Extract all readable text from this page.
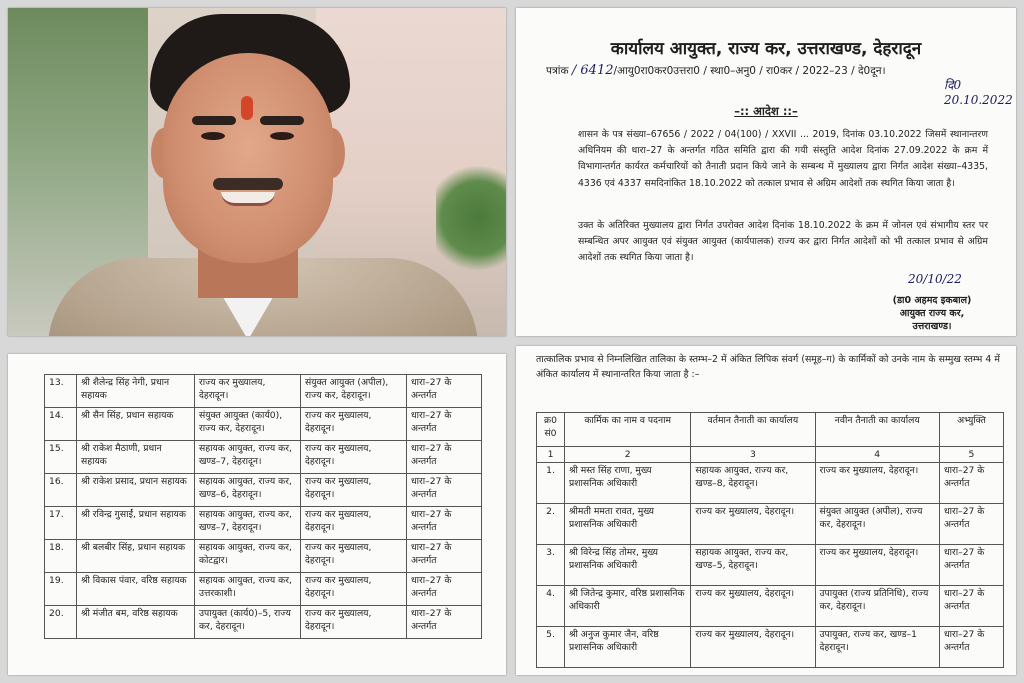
कार्यालय आयुक्त, राज्य कर, उत्तराखण्ड, देहरादून
पत्रांक / 6412/आयु0रा0कर0उत्तरा0 / स्था0–अनु0 / रा0कर / 2022–23 / दे0दून।
दि0 20.10.2022
–:: आदेश ::–
शासन के पत्र संख्या–67656 / 2022 / 04(100) / XXVII ... 2019, दिनांक 03.10.2022 जिसमें स्थानान्तरण अधिनियम की धारा–27 के अन्तर्गत गठित समिति द्वारा की गयी संस्तुति आदेश दिनांक 27.09.2022 के क्रम में विभागान्तर्गत कार्यरत कर्मचारियों को तैनाती प्रदान किये जाने के सम्बन्ध में मुख्यालय द्वारा निर्गत आदेश संख्या–4335, 4336 एवं 4337 समदिनांकित 18.10.2022 को तत्काल प्रभाव से अग्रिम आदेशों तक स्थगित किया जाता है।
उक्त के अतिरिक्त मुख्यालय द्वारा निर्गत उपरोक्त आदेश दिनांक 18.10.2022 के क्रम में जोनल एवं संभागीय स्तर पर सम्बन्धित अपर आयुक्त एवं संयुक्त आयुक्त (कार्यपालक) राज्य कर द्वारा निर्गत आदेशों को भी तत्काल प्रभाव से अग्रिम आदेशों तक स्थगित किया जाता है।
20/10/22
(डा0 अहमद इकबाल)
आयुक्त राज्य कर,
उत्तराखण्ड।
13.	श्री शैलेन्द्र सिंह नेगी, प्रधान सहायक	राज्य कर मुख्यालय, देहरादून।	संयुक्त आयुक्त (अपील), राज्य कर, देहरादून।	धारा–27 के अन्तर्गत
14.	श्री सैन सिंह, प्रधान सहायक	संयुक्त आयुक्त (कार्य0), राज्य कर, देहरादून।	राज्य कर मुख्यालय, देहरादून।	धारा–27 के अन्तर्गत
15.	श्री राकेश मैठाणी, प्रधान सहायक	सहायक आयुक्त, राज्य कर, खण्ड–7, देहरादून।	राज्य कर मुख्यालय, देहरादून।	धारा–27 के अन्तर्गत
16.	श्री राकेश प्रसाद, प्रधान सहायक	सहायक आयुक्त, राज्य कर, खण्ड–6, देहरादून।	राज्य कर मुख्यालय, देहरादून।	धारा–27 के अन्तर्गत
17.	श्री रविन्द्र गुसाईं, प्रधान सहायक	सहायक आयुक्त, राज्य कर, खण्ड–7, देहरादून।	राज्य कर मुख्यालय, देहरादून।	धारा–27 के अन्तर्गत
18.	श्री बलबीर सिंह, प्रधान सहायक	सहायक आयुक्त, राज्य कर, कोटद्वार।	राज्य कर मुख्यालय, देहरादून।	धारा–27 के अन्तर्गत
19.	श्री विकास पंवार, वरिष्ठ सहायक	सहायक आयुक्त, राज्य कर, उत्तरकाशी।	राज्य कर मुख्यालय, देहरादून।	धारा–27 के अन्तर्गत
20.	श्री मंजीत बम, वरिष्ठ सहायक	उपायुक्त (कार्य0)–5, राज्य कर, देहरादून।	राज्य कर मुख्यालय, देहरादून।	धारा–27 के अन्तर्गत
तात्कालिक प्रभाव से निम्नलिखित तालिका के स्तम्भ–2 में अंकित लिपिक संवर्ग (समूह–ग) के कार्मिकों को उनके नाम के सम्मुख स्तम्भ 4 में अंकित कार्यालय में स्थानान्तरित किया जाता है :–
क्र0 सं0	कार्मिक का नाम व पदनाम	वर्तमान तैनाती का कार्यालय	नवीन तैनाती का कार्यालय	अभ्युक्ति
1	2	3	4	5
1.	श्री मस्त सिंह राणा, मुख्य प्रशासनिक अधिकारी	सहायक आयुक्त, राज्य कर, खण्ड–8, देहरादून।	राज्य कर मुख्यालय, देहरादून।	धारा–27 के अन्तर्गत
2.	श्रीमती ममता रावत, मुख्य प्रशासनिक अधिकारी	राज्य कर मुख्यालय, देहरादून।	संयुक्त आयुक्त (अपील), राज्य कर, देहरादून।	धारा–27 के अन्तर्गत
3.	श्री विरेन्द्र सिंह तोमर, मुख्य प्रशासनिक अधिकारी	सहायक आयुक्त, राज्य कर, खण्ड–5, देहरादून।	राज्य कर मुख्यालय, देहरादून।	धारा–27 के अन्तर्गत
4.	श्री जितेन्द्र कुमार, वरिष्ठ प्रशासनिक अधिकारी	राज्य कर मुख्यालय, देहरादून।	उपायुक्त (राज्य प्रतिनिधि), राज्य कर, देहरादून।	धारा–27 के अन्तर्गत
5.	श्री अनुज कुमार जैन, वरिष्ठ प्रशासनिक अधिकारी	राज्य कर मुख्यालय, देहरादून।	उपायुक्त, राज्य कर, खण्ड–1 देहरादून।	धारा–27 के अन्तर्गत
